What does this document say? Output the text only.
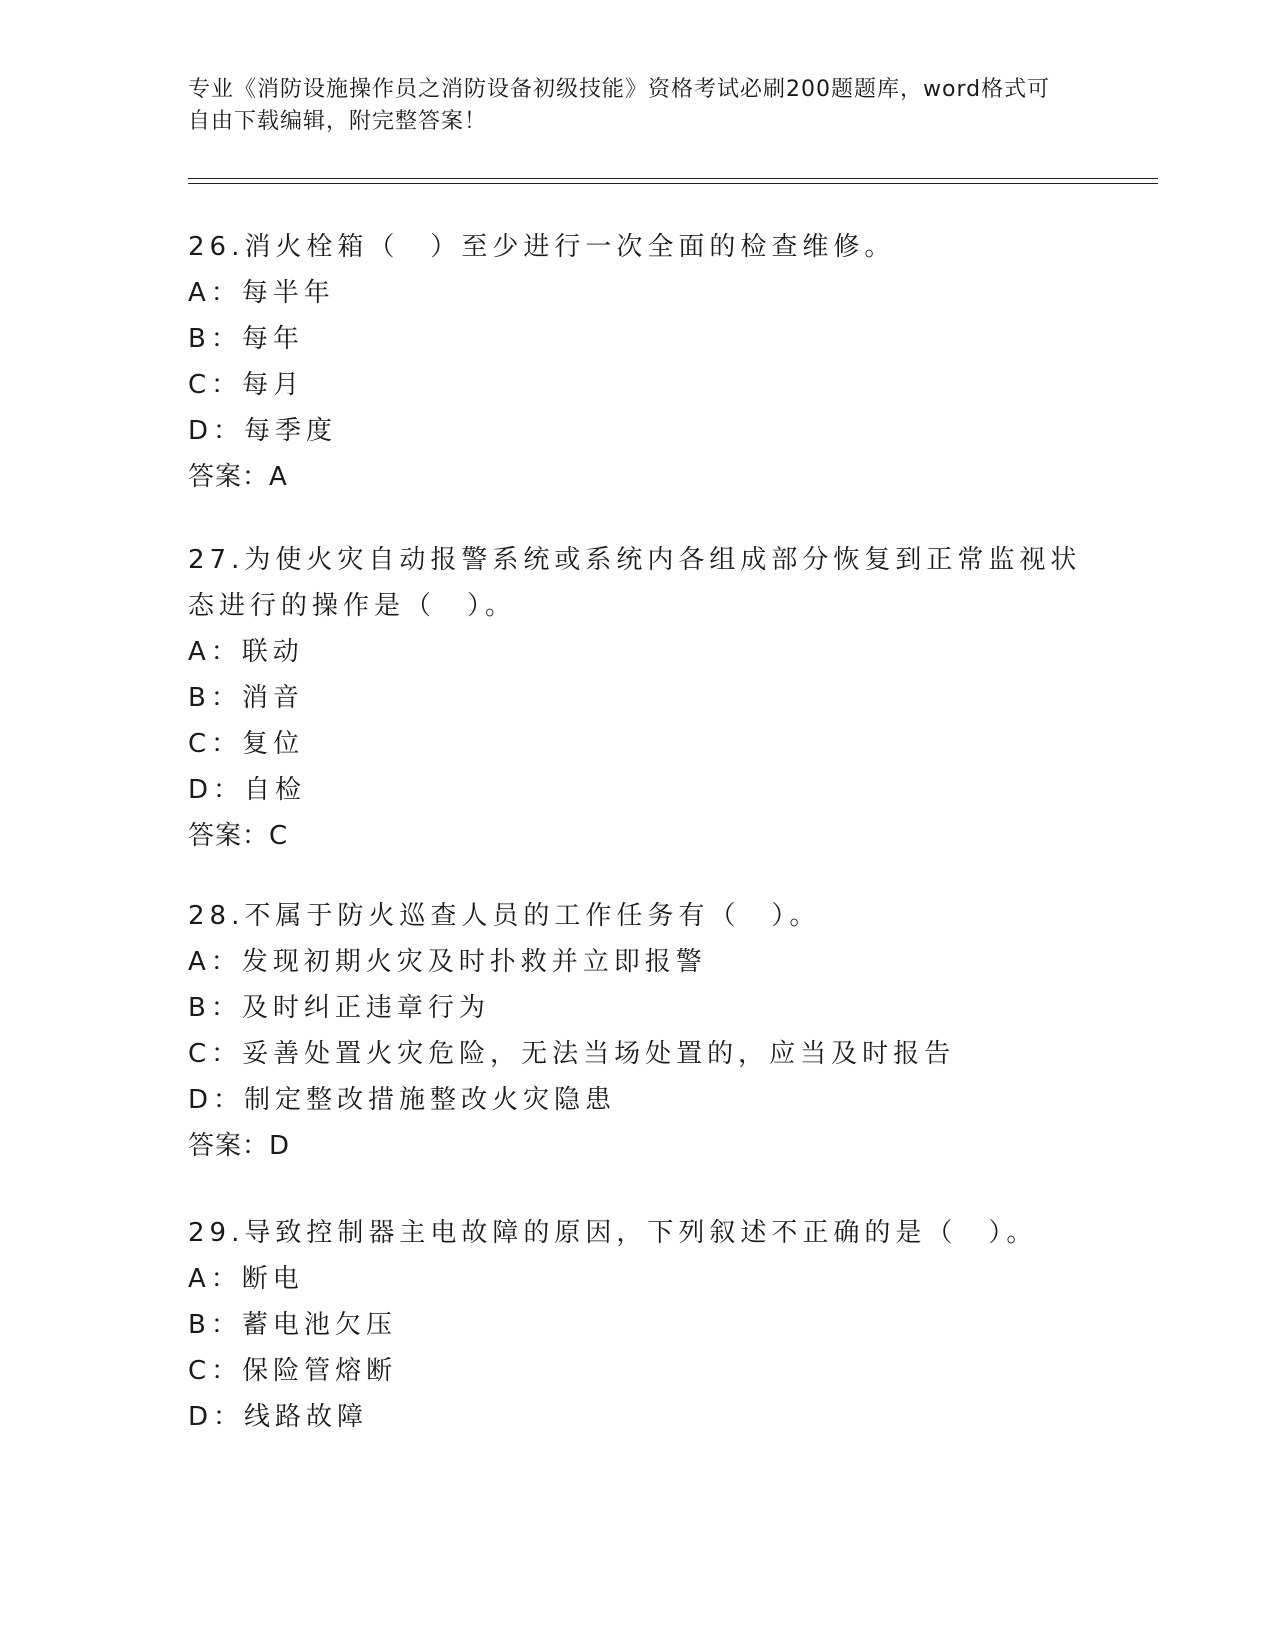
专业《消防设施操作员之消防设备初级技能》资格考试必刷200题题库，word格式可自由下载编辑，附完整答案！
26.消火栓箱（　）至少进行一次全面的检查维修。
A：每半年
B：每年
C：每月
D：每季度
答案：A
27.为使火灾自动报警系统或系统内各组成部分恢复到正常监视状态进行的操作是（　）。
A：联动
B：消音
C：复位
D：自检
答案：C
28.不属于防火巡查人员的工作任务有（　）。
A：发现初期火灾及时扑救并立即报警
B：及时纠正违章行为
C：妥善处置火灾危险，无法当场处置的，应当及时报告
D：制定整改措施整改火灾隐患
答案：D
29.导致控制器主电故障的原因，下列叙述不正确的是（　）。
A：断电
B：蓄电池欠压
C：保险管熔断
D：线路故障
